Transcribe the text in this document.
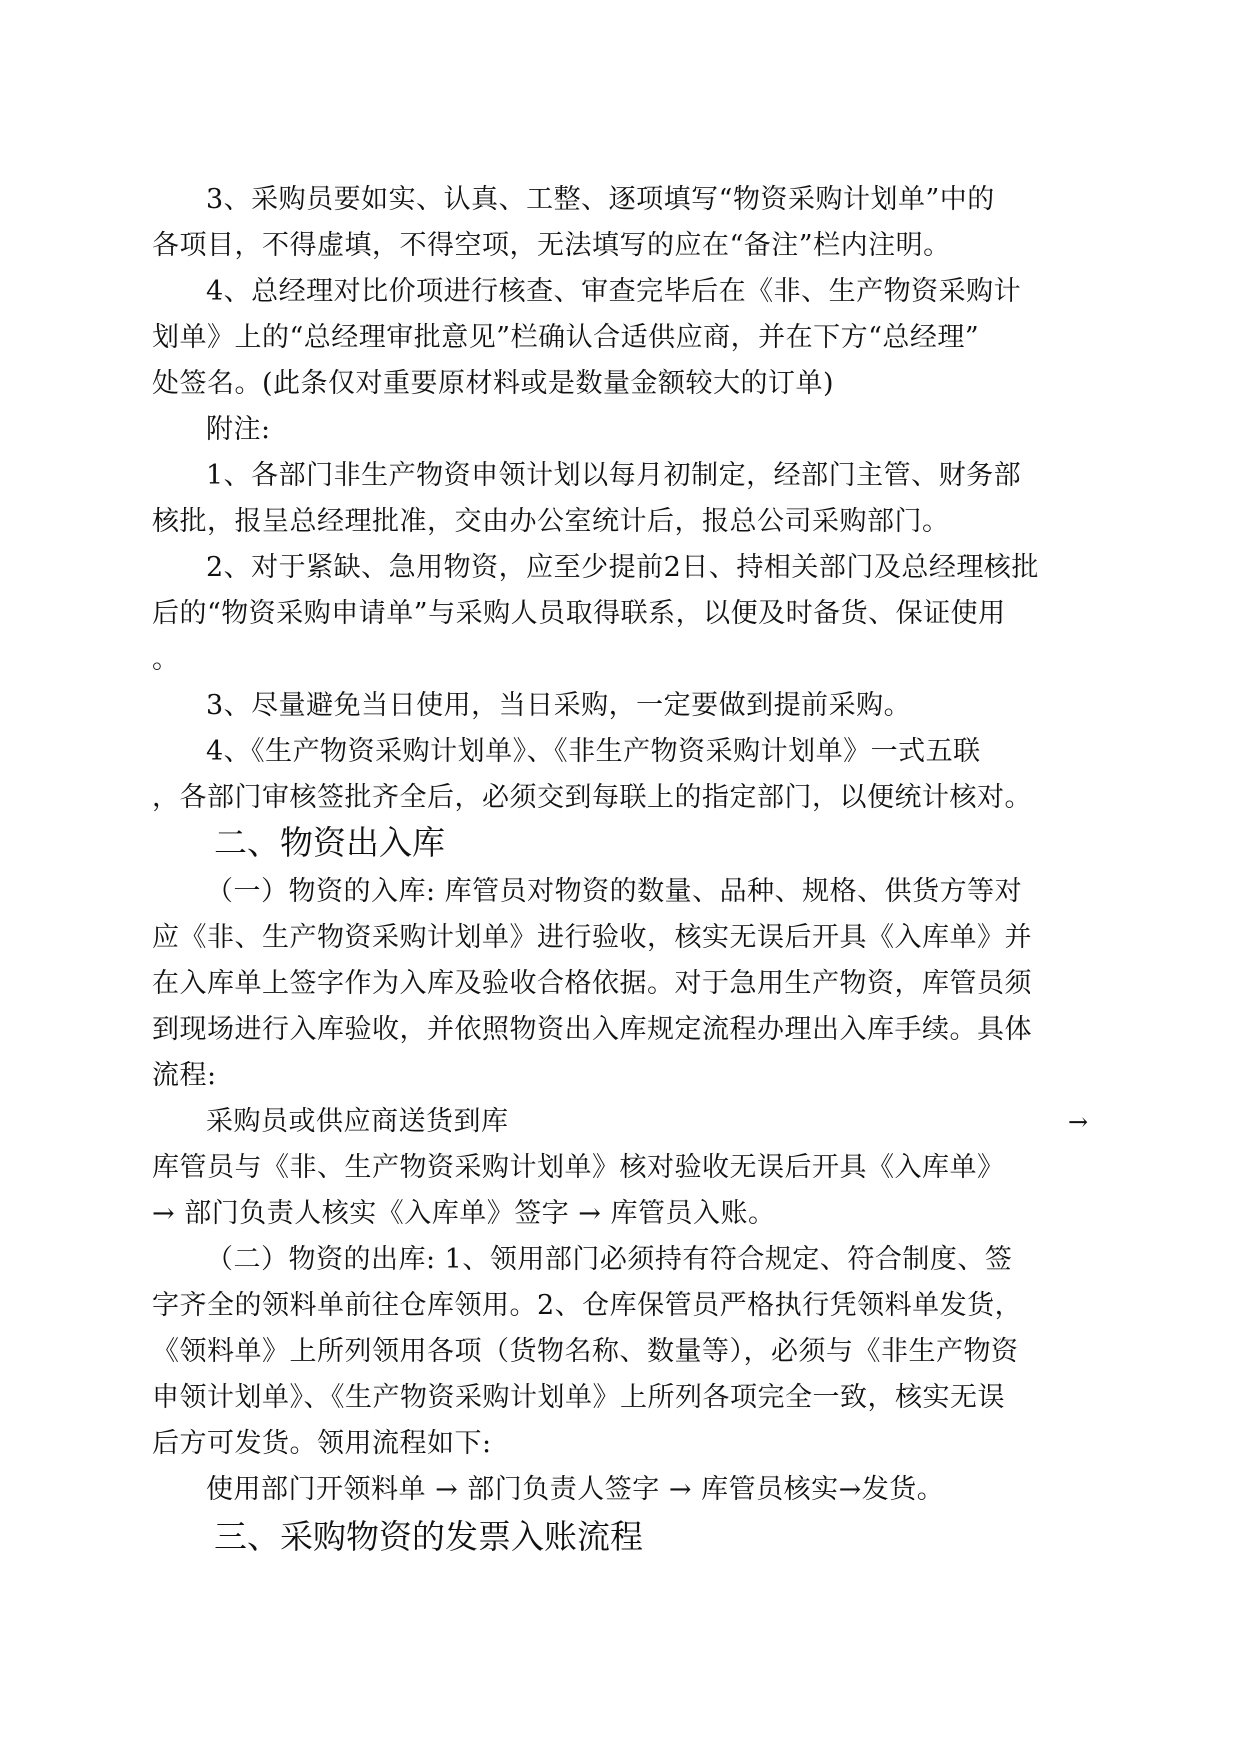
3、采购员要如实、认真、工整、逐项填写“物资采购计划单”中的
各项目，不得虚填，不得空项，无法填写的应在“备注”栏内注明。
4、总经理对比价项进行核查、审查完毕后在《非、生产物资采购计
划单》上的“总经理审批意见”栏确认合适供应商，并在下方“总经理”
处签名。(此条仅对重要原材料或是数量金额较大的订单)
附注:
1、各部门非生产物资申领计划以每月初制定，经部门主管、财务部
核批，报呈总经理批准，交由办公室统计后，报总公司采购部门。
2、对于紧缺、急用物资，应至少提前2日、持相关部门及总经理核批
后的“物资采购申请单”与采购人员取得联系，以便及时备货、保证使用
。
3、尽量避免当日使用，当日采购，一定要做到提前采购。
4、《生产物资采购计划单》、《非生产物资采购计划单》一式五联
，各部门审核签批齐全后，必须交到每联上的指定部门，以便统计核对。
二、物资出入库
（一）物资的入库: 库管员对物资的数量、品种、规格、供货方等对
应《非、生产物资采购计划单》进行验收，核实无误后开具《入库单》并
在入库单上签字作为入库及验收合格依据。对于急用生产物资，库管员须
到现场进行入库验收，并依照物资出入库规定流程办理出入库手续。具体
流程:
采购员或供应商送货到库	→
库管员与《非、生产物资采购计划单》核对验收无误后开具《入库单》
→ 部门负责人核实《入库单》签字 → 库管员入账。
（二）物资的出库: 1、领用部门必须持有符合规定、符合制度、签
字齐全的领料单前往仓库领用。2、仓库保管员严格执行凭领料单发货，
《领料单》上所列领用各项（货物名称、数量等），必须与《非生产物资
申领计划单》、《生产物资采购计划单》上所列各项完全一致，核实无误
后方可发货。领用流程如下:
使用部门开领料单 → 部门负责人签字 → 库管员核实→发货。
三、采购物资的发票入账流程
